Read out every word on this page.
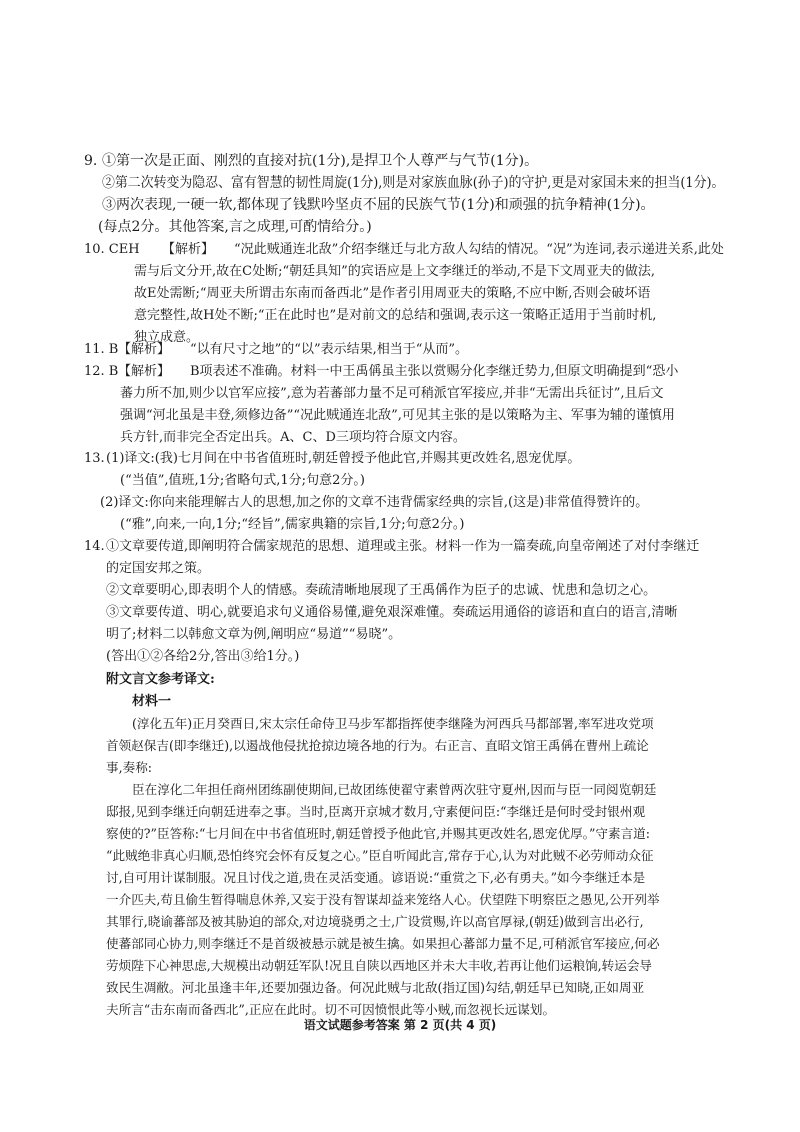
9. ①第一次是正面、刚烈的直接对抗(1分),是捍卫个人尊严与气节(1分)。
②第二次转变为隐忍、富有智慧的韧性周旋(1分),则是对家族血脉(孙子)的守护,更是对家国未来的担当(1分)。
③两次表现,一硬一软,都体现了钱默吟坚贞不屈的民族气节(1分)和顽强的抗争精神(1分)。
(每点2分。其他答案,言之成理,可酌情给分。)
10. CEH 【解析】 “况此贼通连北敌”介绍李继迁与北方敌人勾结的情况。“况”为连词,表示递进关系,此处
需与后文分开,故在C处断;“朝廷具知”的宾语应是上文李继迁的举动,不是下文周亚夫的做法,
故E处需断;“周亚夫所谓击东南而备西北”是作者引用周亚夫的策略,不应中断,否则会破坏语
意完整性,故H处不断;“正在此时也”是对前文的总结和强调,表示这一策略正适用于当前时机,
独立成意。
11. B 【解析】 “以有尺寸之地”的“以”表示结果,相当于“从而”。
12. B 【解析】 B项表述不准确。材料一中王禹偁虽主张以赏赐分化李继迁势力,但原文明确提到“恐小
蕃力所不加,则少以官军应接”,意为若蕃部力量不足可稍派官军接应,并非“无需出兵征讨”,且后文
强调“河北虽是丰登,须修边备”“况此贼通连北敌”,可见其主张的是以策略为主、军事为辅的谨慎用
兵方针,而非完全否定出兵。A、C、D三项均符合原文内容。
13. (1)译文:(我)七月间在中书省值班时,朝廷曾授予他此官,并赐其更改姓名,恩宠优厚。
(“当值”,值班,1分;省略句式,1分;句意2分。)
(2)译文:你向来能理解古人的思想,加之你的文章不违背儒家经典的宗旨,(这是)非常值得赞许的。
(“雅”,向来,一向,1分;“经旨”,儒家典籍的宗旨,1分;句意2分。)
14. ①文章要传道,即阐明符合儒家规范的思想、道理或主张。材料一作为一篇奏疏,向皇帝阐述了对付李继迁
的定国安邦之策。
②文章要明心,即表明个人的情感。奏疏清晰地展现了王禹偁作为臣子的忠诚、忧患和急切之心。
③文章要传道、明心,就要追求句义通俗易懂,避免艰深难懂。奏疏运用通俗的谚语和直白的语言,清晰
明了;材料二以韩愈文章为例,阐明应“易道”“易晓”。
(答出①②各给2分,答出③给1分。)
附文言文参考译文:
材料一
(淳化五年)正月癸酉日,宋太宗任命侍卫马步军都指挥使李继隆为河西兵马都部署,率军进攻党项
首领赵保吉(即李继迁),以遏战他侵扰抢掠边境各地的行为。右正言、直昭文馆王禹偁在曹州上疏论
事,奏称:
臣在淳化二年担任商州团练副使期间,已故团练使翟守素曾两次驻守夏州,因而与臣一同阅览朝廷
邸报,见到李继迁向朝廷进奉之事。当时,臣离开京城才数月,守素便问臣:“李继迁是何时受封银州观
察使的?”臣答称:“七月间在中书省值班时,朝廷曾授予他此官,并赐其更改姓名,恩宠优厚。”守素言道:
“此贼绝非真心归顺,恐怕终究会怀有反复之心。”臣自听闻此言,常存于心,认为对此贼不必劳师动众征
讨,自可用计谋制服。况且讨伐之道,贵在灵活变通。谚语说:“重赏之下,必有勇夫。”如今李继迁本是
一介匹夫,苟且偷生暂得喘息休养,又妄于没有智谋却益来笼络人心。伏望陛下明察臣之愚见,公开列举
其罪行,晓谕蕃部及被其胁迫的部众,对边境骁勇之士,广设赏赐,许以高官厚禄,(朝廷)做到言出必行,
使蕃部同心协力,则李继迁不是首级被悬示就是被生擒。如果担心蕃部力量不足,可稍派官军接应,何必
劳烦陛下心神思虑,大规模出动朝廷军队!况且自陕以西地区并未大丰收,若再让他们运粮饷,转运会导
致民生凋敝。河北虽逢丰年,还要加强边备。何况此贼与北敌(指辽国)勾结,朝廷早已知晓,正如周亚
夫所言“击东南而备西北”,正应在此时。切不可因愤恨此等小贼,而忽视长远谋划。
语文试题参考答案 第 2 页(共 4 页)
